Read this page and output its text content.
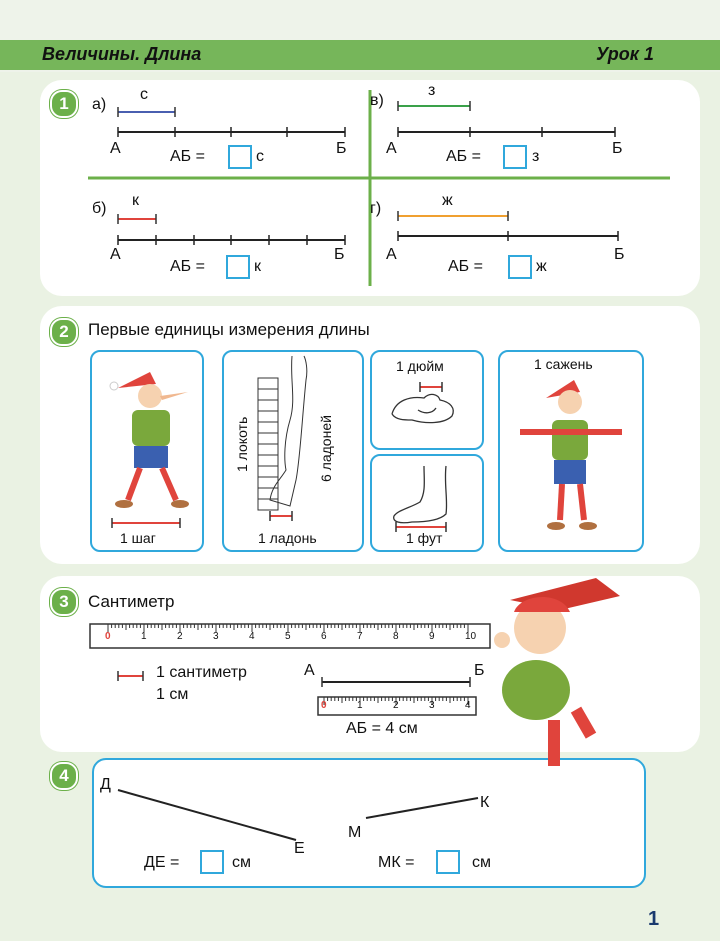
Величины. Длина	Урок 1
1
2
3
4
а)
с
А	Б
АБ =	с
в)
з
А	Б
АБ =	з
б) к
А	Б
АБ =	к
г)	ж
А	Б
АБ =	ж
Первые единицы измерения длины
1 шаг
1 локоть	6 ладоней
1 ладонь
1 дюйм
1 фут
1 сажень
Сантиметр
0	1	2	3	4	5	6	7	8	9	10
0	1	2	3	4
1 сантиметр
1 см
А	Б
АБ = 4 см
Д
Е
М
К
ДЕ =	см	МК =	см
1
